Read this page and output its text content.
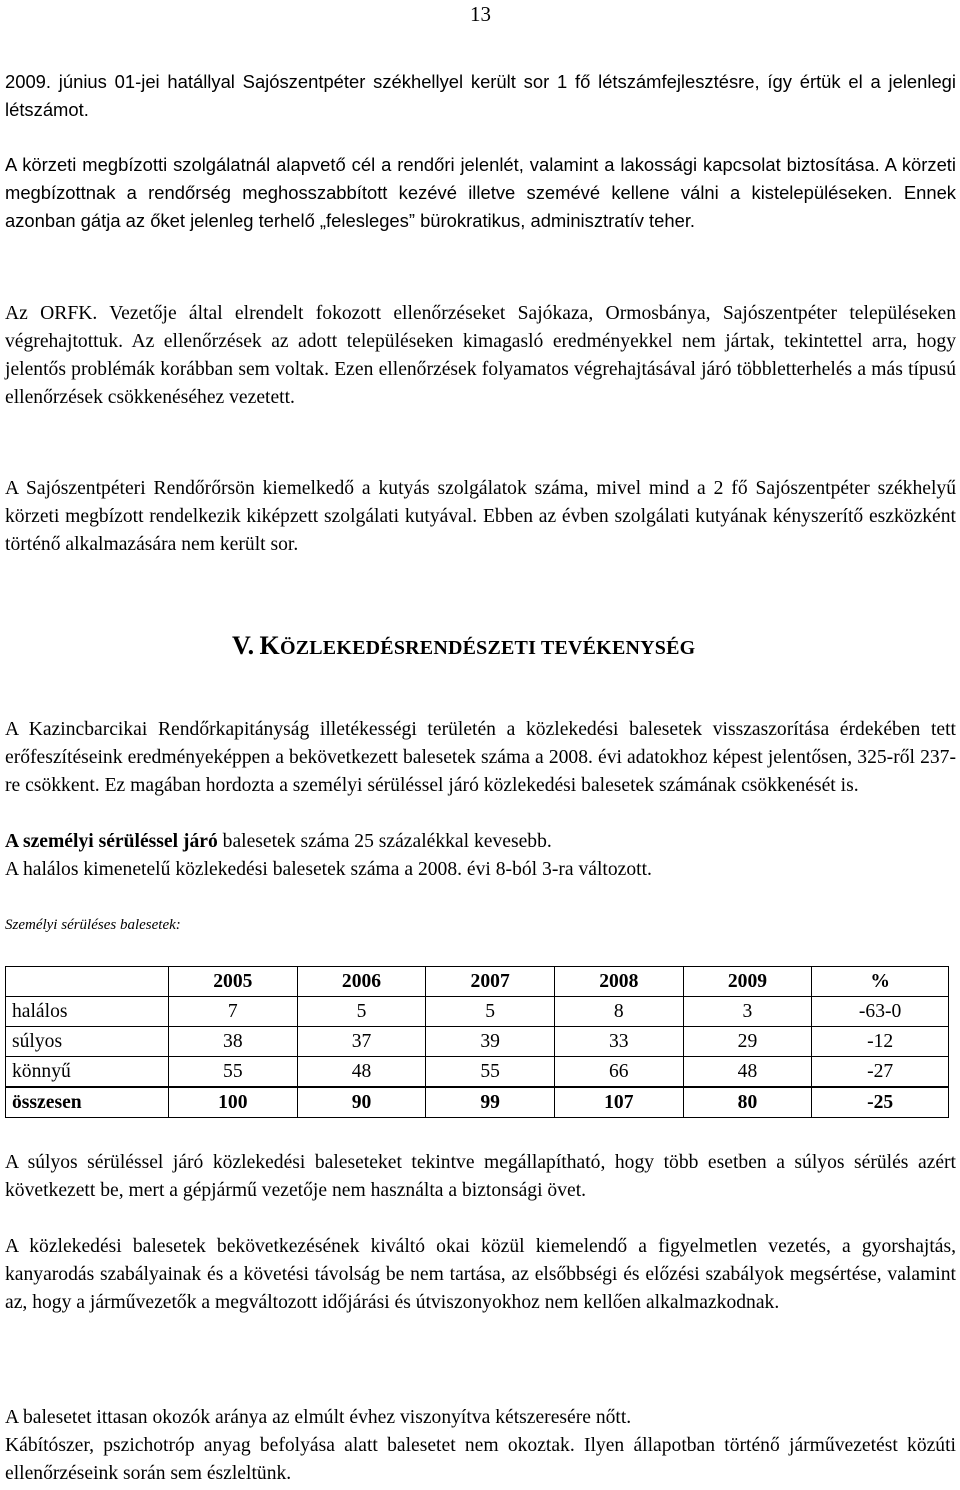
13

2009. június 01-jei hatállyal Sajószentpéter székhellyel került sor 1 fő létszámfejlesztésre, így értük el a jelenlegi létszámot.

A körzeti megbízotti szolgálatnál alapvető cél a rendőri jelenlét, valamint a lakossági kapcsolat biztosítása. A körzeti megbízottnak a rendőrség meghosszabbított kezévé illetve szemévé kellene válni a kistelepüléseken. Ennek azonban gátja az őket jelenleg terhelő „felesleges” bürokratikus, adminisztratív teher.

Az ORFK. Vezetője által elrendelt fokozott ellenőrzéseket Sajókaza, Ormosbánya, Sajószentpéter településeken végrehajtottuk. Az ellenőrzések az adott településeken kimagasló eredményekkel nem jártak, tekintettel arra, hogy jelentős problémák korábban sem voltak. Ezen ellenőrzések folyamatos végrehajtásával járó többletterhelés a más típusú ellenőrzések csökkenéséhez vezetett.

A Sajószentpéteri Rendőrőrsön kiemelkedő a kutyás szolgálatok száma, mivel mind a 2 fő Sajószentpéter székhelyű körzeti megbízott rendelkezik kiképzett szolgálati kutyával. Ebben az évben szolgálati kutyának kényszerítő eszközként történő alkalmazására nem került sor.

V. KÖZLEKEDÉSRENDÉSZETI TEVÉKENYSÉG

A Kazincbarcikai Rendőrkapitányság illetékességi területén a közlekedési balesetek visszaszorítása érdekében tett erőfeszítéseink eredményeképpen a bekövetkezett balesetek száma a 2008. évi adatokhoz képest jelentősen, 325-ről 237-re csökkent. Ez magában hordozta a személyi sérüléssel járó közlekedési balesetek számának csökkenését is.

A személyi sérüléssel járó balesetek száma 25 százalékkal kevesebb.

A halálos kimenetelű közlekedési balesetek száma a 2008. évi 8-ból 3-ra változott.

Személyi sérüléses balesetek:

	2005	2006	2007	2008	2009	%
halálos	7	5	5	8	3	-63-0
súlyos	38	37	39	33	29	-12
könnyű	55	48	55	66	48	-27
összesen	100	90	99	107	80	-25

A súlyos sérüléssel járó közlekedési baleseteket tekintve megállapítható, hogy több esetben a súlyos sérülés azért következett be, mert a gépjármű vezetője nem használta a biztonsági övet.

A közlekedési balesetek bekövetkezésének kiváltó okai közül kiemelendő a figyelmetlen vezetés, a gyorshajtás, kanyarodás szabályainak és a követési távolság be nem tartása, az elsőbbségi és előzési szabályok megsértése, valamint az, hogy a járművezetők a megváltozott időjárási és útviszonyokhoz nem kellően alkalmazkodnak.

A balesetet ittasan okozók aránya az elmúlt évhez viszonyítva kétszeresére nőtt.

Kábítószer, pszichotróp anyag befolyása alatt balesetet nem okoztak. Ilyen állapotban történő járművezetést közúti ellenőrzéseink során sem észleltünk.
